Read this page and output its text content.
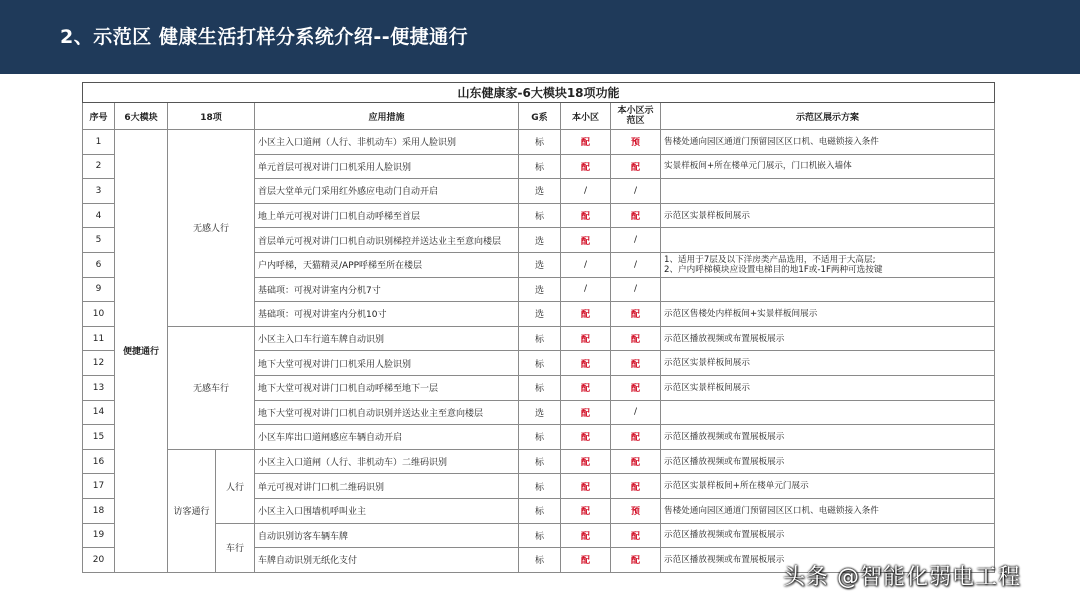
2、示范区 健康生活打样分系统介绍--便捷通行
山东健康家-6大模块18项功能								
序号	6大模块	18项		应用措施	G系	本小区	本小区示范区	示范区展示方案
1	便捷通行	无感人行		小区主入口道闸（人行、非机动车）采用人脸识别	标	配	预	售楼处通向园区通道门预留园区区口机、电磁锁接入条件
2				单元首层可视对讲门口机采用人脸识别	标	配	配	实景样板间+所在楼单元门展示，门口机嵌入墙体
3				首层大堂单元门采用红外感应电动门自动开启	选	/	/	
4				地上单元可视对讲门口机自动呼梯至首层	标	配	配	示范区实景样板间展示
5				首层单元可视对讲门口机自动识别梯控并送达业主至意向楼层	选	配	/	
6				户内呼梯，天猫精灵/APP呼梯至所在楼层	选	/	/	1、适用于7层及以下洋房类产品选用，不适用于大高层;
2、户内呼梯模块应设置电梯目的地1F或-1F两种可选按键

9				基础项：可视对讲室内分机7寸	选	/	/	
10				基础项：可视对讲室内分机10寸	选	配	配	示范区售楼处内样板间+实景样板间展示
11		无感车行		小区主入口车行道车牌自动识别	标	配	配	示范区播放视频或布置展板展示
12				地下大堂可视对讲门口机采用人脸识别	标	配	配	示范区实景样板间展示
13				地下大堂可视对讲门口机自动呼梯至地下一层	标	配	配	示范区实景样板间展示
14				地下大堂可视对讲门口机自动识别并送达业主至意向楼层	选	配	/	
15				小区车库出口道闸感应车辆自动开启	标	配	配	示范区播放视频或布置展板展示
16		访客通行	人行	小区主入口道闸（人行、非机动车）二维码识别	标	配	配	示范区播放视频或布置展板展示
17				单元可视对讲门口机二维码识别	标	配	配	示范区实景样板间+所在楼单元门展示
18				小区主入口围墙机呼叫业主	标	配	预	售楼处通向园区通道门预留园区区口机、电磁锁接入条件
19			车行	自动识别访客车辆车牌	标	配	配	示范区播放视频或布置展板展示
20				车牌自动识别无纸化支付	标	配	配	示范区播放视频或布置展板展示
头条 @智能化弱电工程
